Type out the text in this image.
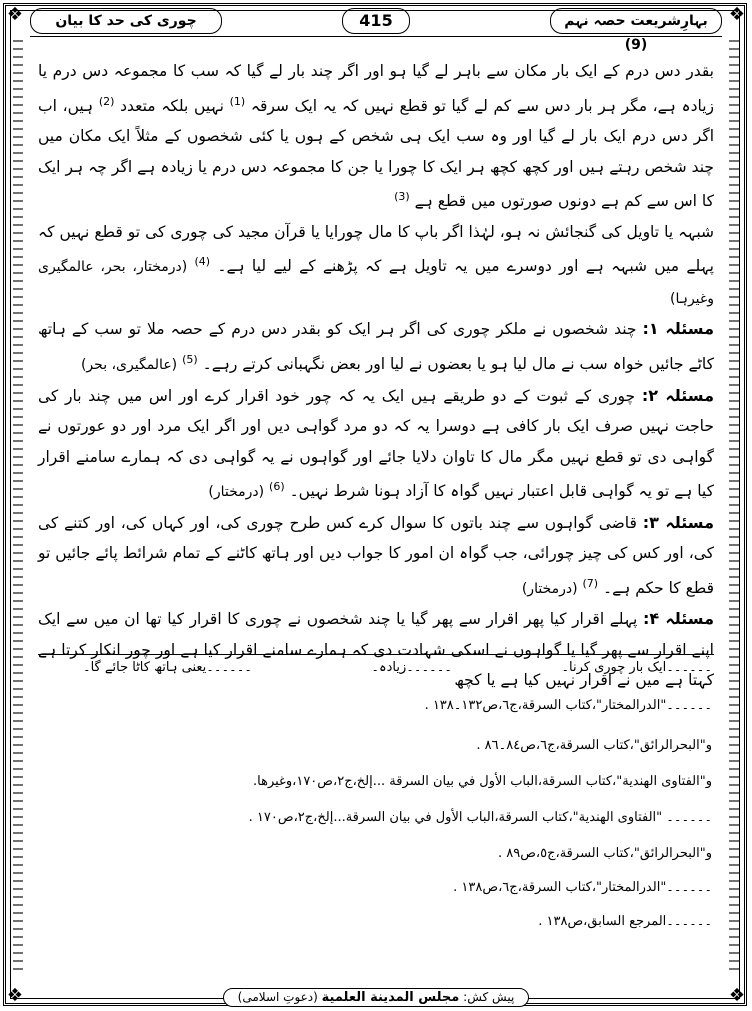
❖	❖
❖	❖
بہارِشریعت حصہ نہم (9)
415
چوری کی حد کا بیان

بقدر دس درم کے ایک بار مکان سے باہر لے گیا ہو اور اگر چند بار لے گیا کہ سب کا مجموعہ دس درم یا زیادہ ہے، مگر ہر بار دس سے کم لے گیا تو قطع نہیں کہ یہ ایک سرقہ $^{(1)}$ نہیں بلکہ متعدد $^{(2)}$ ہیں، اب اگر دس درم ایک بار لے گیا اور وہ سب ایک ہی شخص کے ہوں یا کئی شخصوں کے مثلاً ایک مکان میں چند شخص رہتے ہیں اور کچھ کچھ ہر ایک کا چورا یا جن کا مجموعہ دس درم یا زیادہ ہے اگر چہ ہر ایک کا اس سے کم ہے دونوں صورتوں میں قطع ہے $^{(3)}$

شبہہ یا تاویل کی گنجائش نہ ہو، لہٰذا اگر باپ کا مال چورایا یا قرآن مجید کی چوری کی تو قطع نہیں کہ پہلے میں شبہہ ہے اور دوسرے میں یہ تاویل ہے کہ پڑھنے کے لیے لیا ہے۔ $^{(4)}$ (درمختار، بحر، عالمگیری وغیرہا)

مسئلہ ۱: چند شخصوں نے ملکر چوری کی اگر ہر ایک کو بقدر دس درم کے حصہ ملا تو سب کے ہاتھ کاٹے جائیں خواہ سب نے مال لیا ہو یا بعضوں نے لیا اور بعض نگہبانی کرتے رہے۔ $^{(5)}$ (عالمگیری، بحر)

مسئلہ ۲: چوری کے ثبوت کے دو طریقے ہیں ایک یہ کہ چور خود اقرار کرے اور اس میں چند بار کی حاجت نہیں صرف ایک بار کافی ہے دوسرا یہ کہ دو مرد گواہی دیں اور اگر ایک مرد اور دو عورتوں نے گواہی دی تو قطع نہیں مگر مال کا تاوان دلایا جائے اور گواہوں نے یہ گواہی دی کہ ہمارے سامنے اقرار کیا ہے تو یہ گواہی قابل اعتبار نہیں گواہ کا آزاد ہونا شرط نہیں۔ $^{(6)}$ (درمختار)

مسئلہ ۳: قاضی گواہوں سے چند باتوں کا سوال کرے کس طرح چوری کی، اور کہاں کی، اور کتنے کی کی، اور کس کی چیز چورائی، جب گواہ ان امور کا جواب دیں اور ہاتھ کاٹنے کے تمام شرائط پائے جائیں تو قطع کا حکم ہے۔ $^{(7)}$ (درمختار)

مسئلہ ۴: پہلے اقرار کیا پھر اقرار سے پھر گیا یا چند شخصوں نے چوری کا اقرار کیا تھا ان میں سے ایک اپنے اقرار سے پھر گیا یا گواہوں نے اسکی شہادت دی کہ ہمارے سامنے اقرار کیا ہے اور چور انکار کرتا ہے کہتا ہے میں نے اقرار نہیں کیا ہے یا کچھ

۔۔۔۔۔۔ایک بار چوری کرنا۔
۔۔۔۔۔۔زیادہ۔
۔۔۔۔۔۔یعنی ہاتھ کاٹا جائے گا۔
۔۔۔۔۔۔"الدرالمختار"،كتاب السرقة،ج٦،ص١٣٢۔١٣٨ .
و"البحرالرائق"،كتاب السرقة،ج٦،ص٨٤۔٨٦ .
و"الفتاوى الهندية"،كتاب السرقة،الباب الأول في بيان السرقة ...إلخ،ج٢،ص١٧٠،وغيرها.
۔۔۔۔۔۔ "الفتاوى الهندية"،كتاب السرقة،الباب الأول في بيان السرقة...إلخ،ج٢،ص١٧٠ .
و"البحرالرائق"،كتاب السرقة،ج٥،ص٨٩ .
۔۔۔۔۔۔"الدرالمختار"،كتاب السرقة،ج٦،ص١٣٨ .
۔۔۔۔۔۔المرجع السابق،ص١٣٨ .
پیش کش: مجلس المدينة العلمية (دعوتِ اسلامی)
